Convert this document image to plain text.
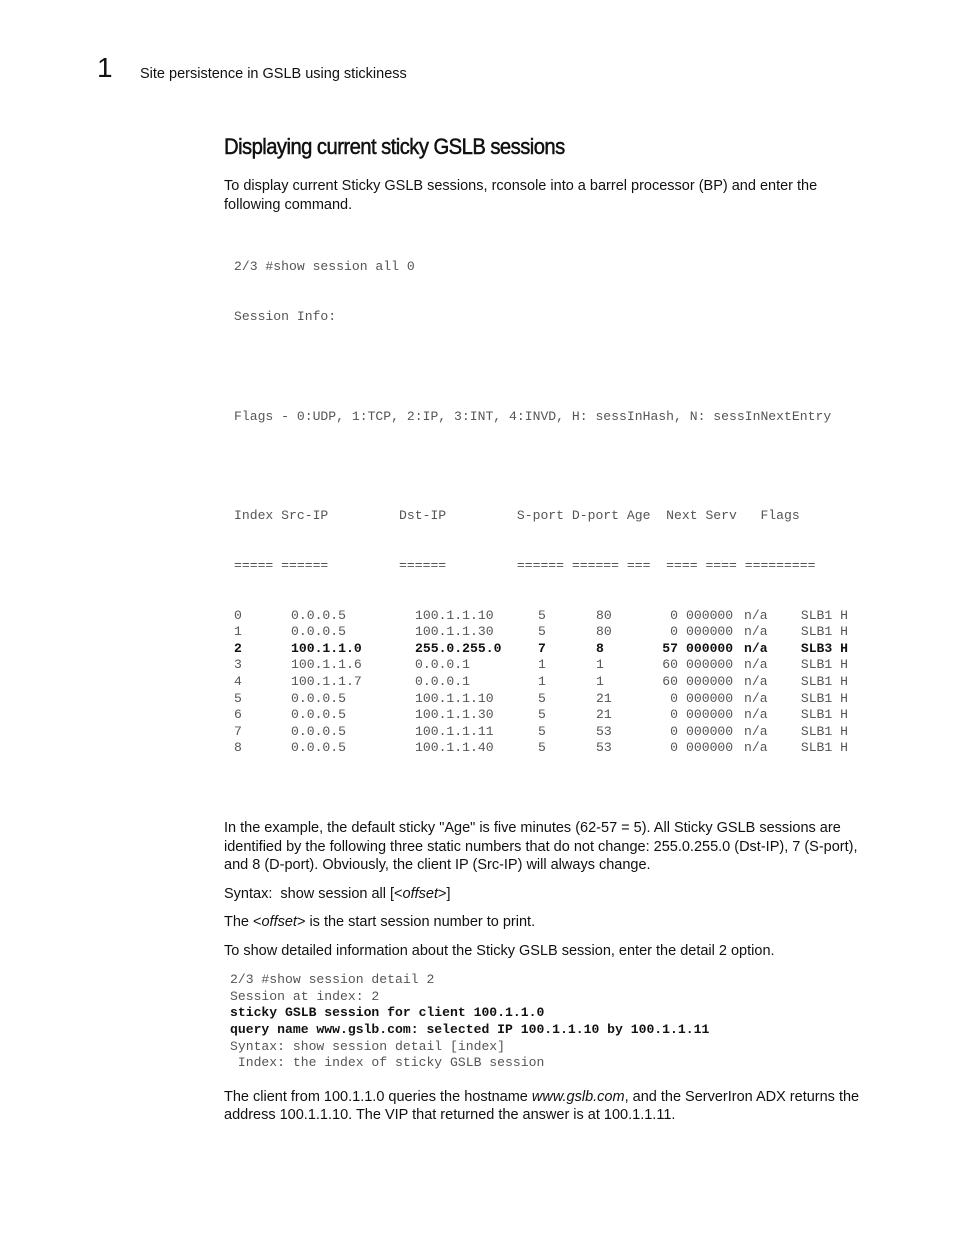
1 Site persistence in GSLB using stickiness
Displaying current sticky GSLB sessions

To display current Sticky GSLB sessions, rconsole into a barrel processor (BP) and enter the following command.

2/3 #show session all 0

Session Info:

Flags - 0:UDP, 1:TCP, 2:IP, 3:INT, 4:INVD, H: sessInHash, N: sessInNextEntry

Index Src-IP         Dst-IP         S-port D-port Age  Next Serv   Flags

===== ======         ======         ====== ====== ===  ==== ==== =========

0	0.0.0.5	100.1.1.10	5	80	0 000000 n/a	SLB1 H
1	0.0.0.5	100.1.1.30	5	80	0 000000 n/a	SLB1 H
2	100.1.1.0	255.0.255.0	7	8	57 000000 n/a	SLB3 H
3	100.1.1.6	0.0.0.1	1	1	60 000000 n/a	SLB1 H
4	100.1.1.7	0.0.0.1	1	1	60 000000 n/a	SLB1 H
5	0.0.0.5	100.1.1.10	5	21	0 000000 n/a	SLB1 H
6	0.0.0.5	100.1.1.30	5	21	0 000000 n/a	SLB1 H
7	0.0.0.5	100.1.1.11	5	53	0 000000 n/a	SLB1 H
8	0.0.0.5	100.1.1.40	5	53	0 000000 n/a	SLB1 H

In the example, the default sticky "Age" is five minutes (62-57 = 5). All Sticky GSLB sessions are identified by the following three static numbers that do not change: 255.0.255.0 (Dst-IP), 7 (S-port), and 8 (D-port). Obviously, the client IP (Src-IP) will always change.

Syntax: show session all [<offset>]

The <offset> is the start session number to print.

To show detailed information about the Sticky GSLB session, enter the detail 2 option.

2/3 #show session detail 2
Session at index: 2
sticky GSLB session for client 100.1.1.0
query name www.gslb.com: selected IP 100.1.1.10 by 100.1.1.11
Syntax: show session detail [index]
Index: the index of sticky GSLB session

The client from 100.1.1.0 queries the hostname www.gslb.com, and the ServerIron ADX returns the address 100.1.1.10. The VIP that returned the answer is at 100.1.1.11.
